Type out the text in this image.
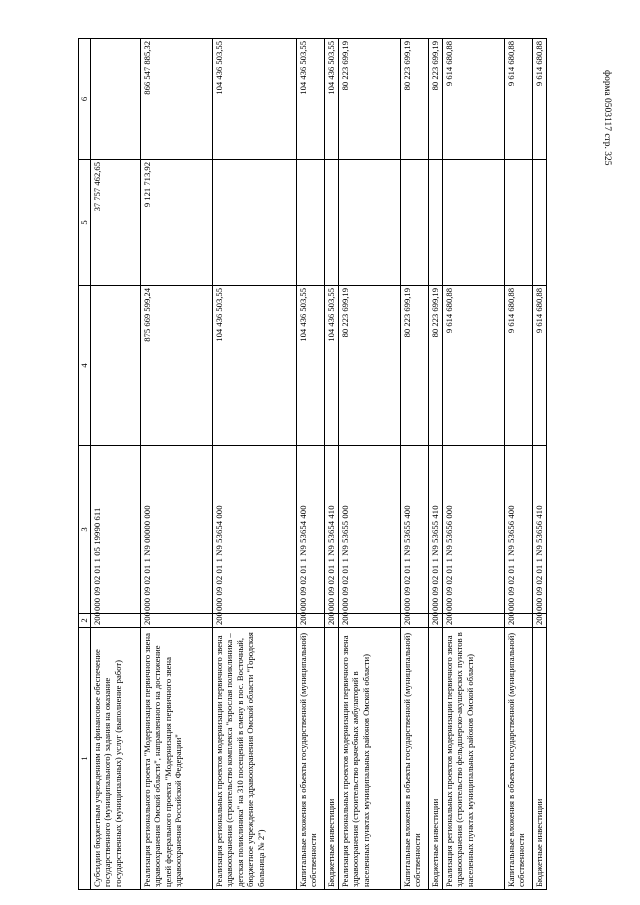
форма 0503117 стр. 325
1	2	3	4	5	6
Субсидии бюджетным учреждениям на финансовое обеспечение государственного (муниципального) задания на оказание государственных (муниципальных) услуг (выполнение работ)	200	000 09 02 01 1 05 19990 611		37 757 462,65	
Реализация регионального проекта "Модернизация первичного звена здравоохранения Омской области", направленного на достижение целей федерального проекта "Модернизация первичного звена здравоохранения Российской Федерации"	200	000 09 02 01 1 N9 00000 000	875 669 599,24	9 121 713,92	866 547 885,32
Реализация региональных проектов модернизации первичного звена здравоохранения (строительство комплекса "взрослая поликлиника – детская поликлиника" на 310 посещений в смену в пос. Восточный, бюджетное учреждение здравоохранения Омской области "Городская больница № 2")	200	000 09 02 01 1 N9 53654 000	104 436 503,55		104 436 503,55
Капитальные вложения в объекты государственной (муниципальной) собственности	200	000 09 02 01 1 N9 53654 400	104 436 503,55		104 436 503,55
Бюджетные инвестиции	200	000 09 02 01 1 N9 53654 410	104 436 503,55		104 436 503,55
Реализация региональных проектов модернизации первичного звена здравоохранения (строительство врачебных амбулаторий в населенных пунктах муниципальных районов Омской области)	200	000 09 02 01 1 N9 53655 000	80 223 699,19		80 223 699,19
Капитальные вложения в объекты государственной (муниципальной) собственности	200	000 09 02 01 1 N9 53655 400	80 223 699,19		80 223 699,19
Бюджетные инвестиции	200	000 09 02 01 1 N9 53655 410	80 223 699,19		80 223 699,19
Реализация региональных проектов модернизации первичного звена здравоохранения (строительство фельдшерско-акушерских пунктов в населенных пунктах муниципальных районов Омской области)	200	000 09 02 01 1 N9 53656 000	9 614 680,88		9 614 680,88
Капитальные вложения в объекты государственной (муниципальной) собственности	200	000 09 02 01 1 N9 53656 400	9 614 680,88		9 614 680,88
Бюджетные инвестиции	200	000 09 02 01 1 N9 53656 410	9 614 680,88		9 614 680,88
